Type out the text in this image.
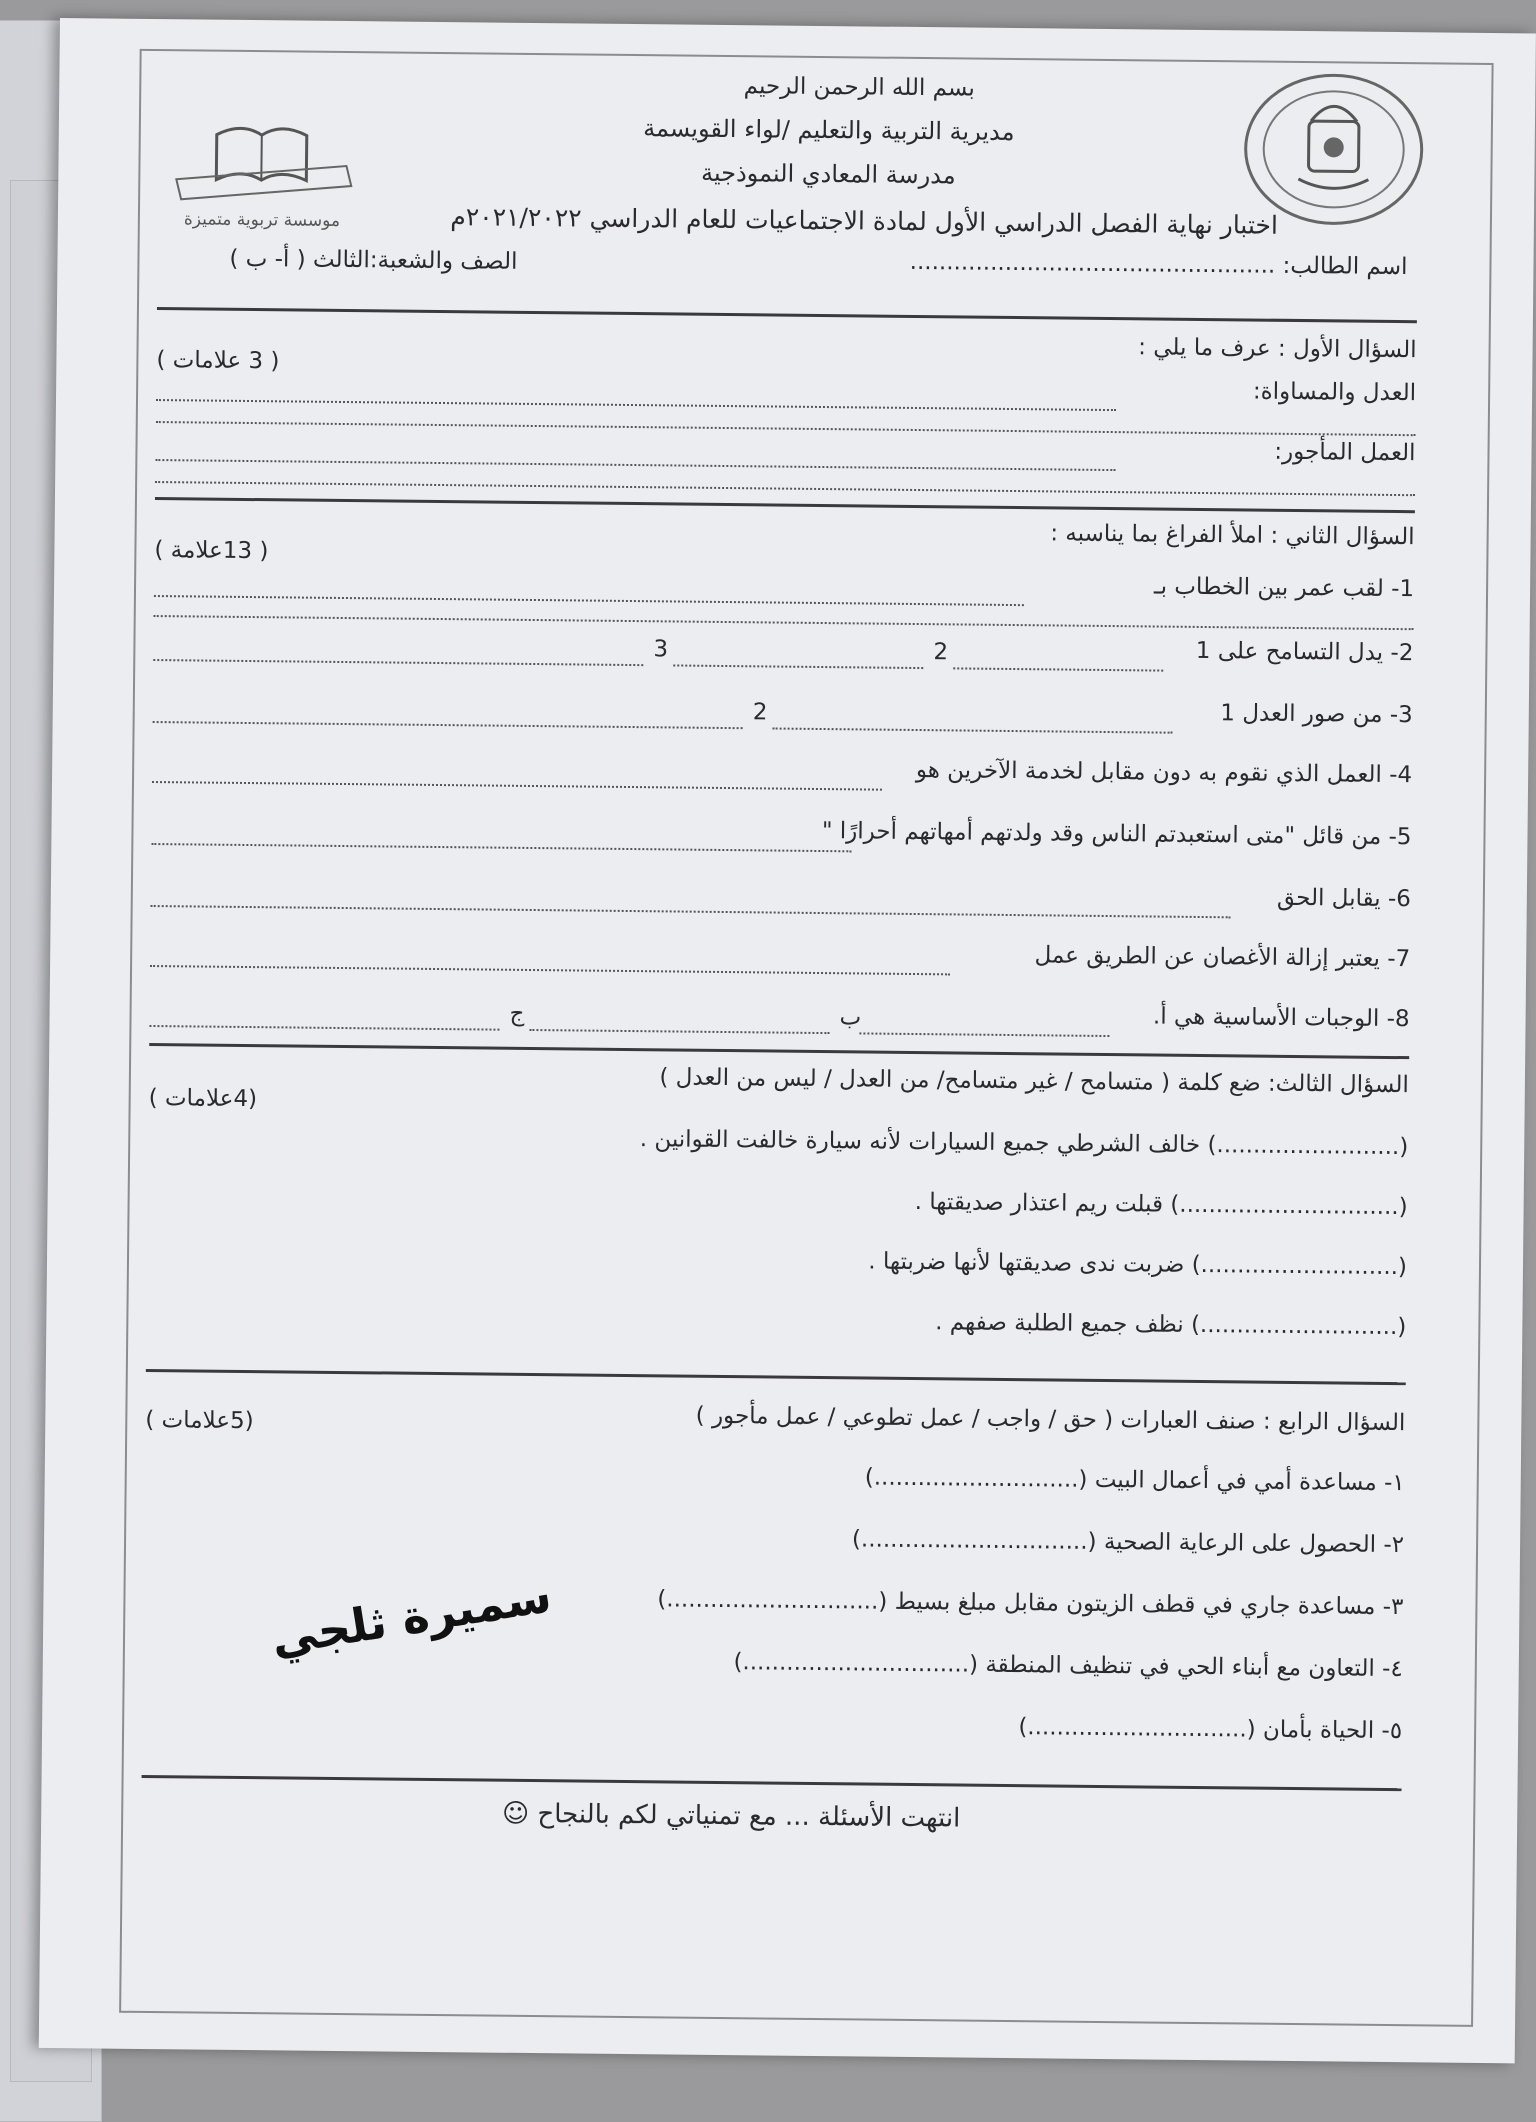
موسسة تربوية متميزة
بسم الله الرحمن الرحيم
مديرية التربية والتعليم /لواء القويسمة
مدرسة المعادي النموذجية
اختبار نهاية الفصل الدراسي الأول لمادة الاجتماعيات للعام الدراسي ٢٠٢١/٢٠٢٢م
اسم الطالب: ..................................................
الصف والشعبة:الثالث ( أ- ب )
السؤال الأول : عرف ما يلي :
( 3 علامات )
العدل والمساواة:
العمل المأجور:
السؤال الثاني : املأ الفراغ بما يناسبه :
( 13علامة )
1- لقب عمر بين الخطاب بـ
2- يدل التسامح على 1
2
3
3- من صور العدل 1
2
4- العمل الذي نقوم به دون مقابل لخدمة الآخرين هو
5- من قائل "متى استعبدتم الناس وقد ولدتهم أمهاتهم أحرارًا "
6- يقابل الحق
7- يعتبر إزالة الأغصان عن الطريق عمل
8- الوجبات الأساسية هي أ.
ب
ج
السؤال الثالث: ضع كلمة ( متسامح / غير متسامح/ من العدل / ليس من العدل )
(4علامات )
(.........................) خالف الشرطي جميع السيارات لأنه سيارة خالفت القوانين .
(..............................) قبلت ريم اعتذار صديقتها .
(...........................) ضربت ندى صديقتها لأنها ضربتها .
(...........................) نظف جميع الطلبة صفهم .
السؤال الرابع : صنف العبارات ( حق / واجب / عمل تطوعي / عمل مأجور )
(5علامات )
١- مساعدة أمي في أعمال البيت (............................)
٢- الحصول على الرعاية الصحية (...............................)
٣- مساعدة جاري في قطف الزيتون مقابل مبلغ بسيط (.............................)
٤- التعاون مع أبناء الحي في تنظيف المنطقة (...............................)
٥- الحياة بأمان (..............................)
انتهت الأسئلة ... مع تمنياتي لكم بالنجاح ☺
سميرة ثلجي
